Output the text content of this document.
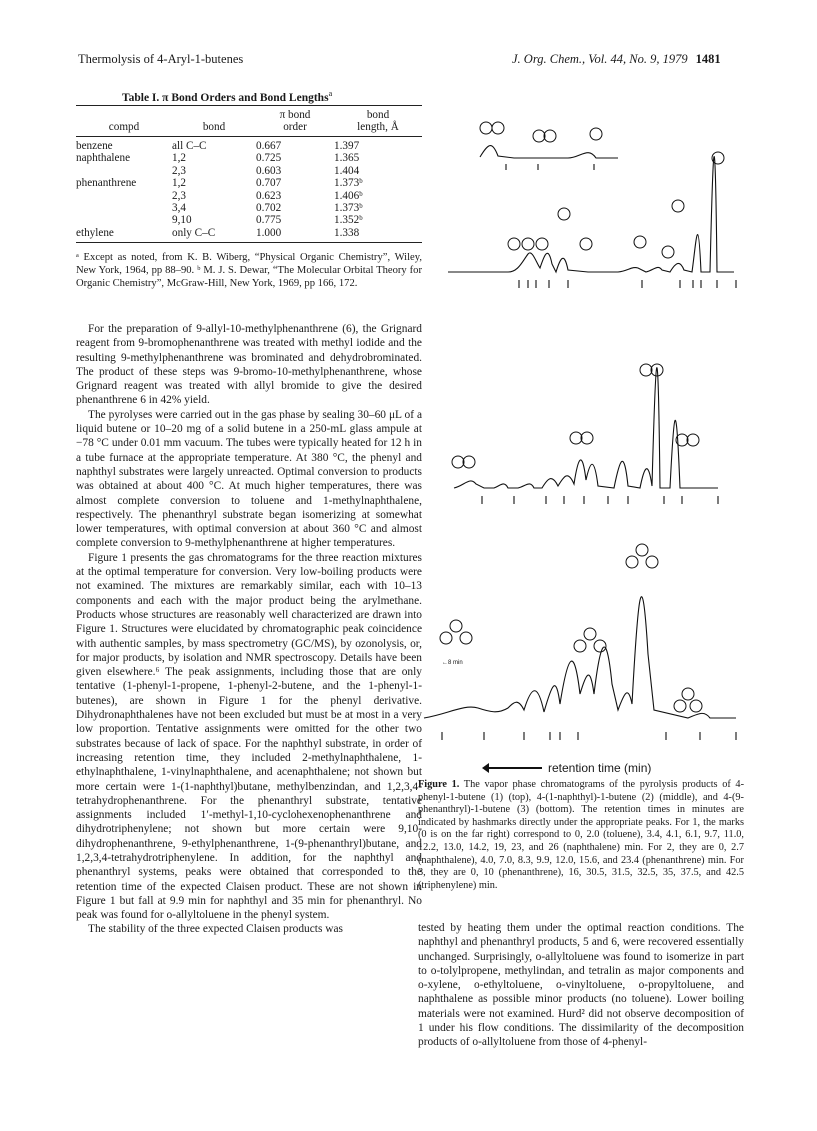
Thermolysis of 4-Aryl-1-butenes	J. Org. Chem., Vol. 44, No. 9, 1979 1481
Table I. π Bond Orders and Bond Lengths$^a$
		π bond	bond
compd	bond	order	length, Å
benzene	all C–C	0.667	1.397
naphthalene	1,2	0.725	1.365
	2,3	0.603	1.404
phenanthrene	1,2	0.707	1.373ᵇ
	2,3	0.623	1.406ᵇ
	3,4	0.702	1.373ᵇ
	9,10	0.775	1.352ᵇ
ethylene	only C–C	1.000	1.338
ᵃ Except as noted, from K. B. Wiberg, “Physical Organic Chemistry”, Wiley, New York, 1964, pp 88–90. ᵇ M. J. S. Dewar, “The Molecular Orbital Theory for Organic Chemistry”, McGraw-Hill, New York, 1969, pp 166, 172.

For the preparation of 9-allyl-10-methylphenanthrene (6), the Grignard reagent from 9-bromophenanthrene was treated with methyl iodide and the resulting 9-methylphenanthrene was brominated and dehydrobrominated. The product of these steps was 9-bromo-10-methylphenanthrene, whose Grignard reagent was treated with allyl bromide to give the desired phenanthrene 6 in 42% yield.

The pyrolyses were carried out in the gas phase by sealing 30–60 μL of a liquid butene or 10–20 mg of a solid butene in a 250-mL glass ampule at −78 °C under 0.01 mm vacuum. The tubes were typically heated for 12 h in a tube furnace at the appropriate temperature. At 380 °C, the phenyl and naphthyl substrates were largely unreacted. Optimal conversion to products was obtained at about 400 °C. At much higher temperatures, there was almost complete conversion to toluene and 1-methylnaphthalene, respectively. The phenanthryl substrate began isomerizing at somewhat lower temperatures, with optimal conversion at about 360 °C and almost complete conversion to 9-methylphenanthrene at higher temperatures.

Figure 1 presents the gas chromatograms for the three reaction mixtures at the optimal temperature for conversion. Very low-boiling products were not examined. The mixtures are remarkably similar, each with 10–13 components and each with the major product being the arylmethane. Products whose structures are reasonably well characterized are drawn into Figure 1. Structures were elucidated by chromatographic peak coincidence with authentic samples, by mass spectrometry (GC/MS), by ozonolysis, or, for major products, by isolation and NMR spectroscopy. Details have been given elsewhere.⁶ The peak assignments, including those that are only tentative (1-phenyl-1-propene, 1-phenyl-2-butene, and the 1-phenyl-1-butenes), are shown in Figure 1 for the phenyl derivative. Dihydronaphthalenes have not been excluded but must be at most in a very low proportion. Tentative assignments were omitted for the other two substrates because of lack of space. For the naphthyl substrate, in order of increasing retention time, they included 2-methylnaphthalene, 1-ethylnaphthalene, 1-vinylnaphthalene, and acenaphthalene; not shown but more certain were 1-(1-naphthyl)butane, methylbenzindan, and 1,2,3,4-tetrahydrophenanthrene. For the phenanthryl substrate, tentative assignments included 1′-methyl-1,10-cyclohexenophenanthrene and dihydrotriphenylene; not shown but more certain were 9,10-dihydrophenanthrene, 9-ethylphenanthrene, 1-(9-phenanthryl)butane, and 1,2,3,4-tetrahydrotriphenylene. In addition, for the naphthyl and phenanthryl systems, peaks were obtained that corresponded to the retention time of the expected Claisen product. These are not shown in Figure 1 but fall at 9.9 min for naphthyl and 35 min for phenanthryl. No peak was found for o-allyltoluene in the phenyl system.

The stability of the three expected Claisen products was

←8 min
retention time (min)
Figure 1. The vapor phase chromatograms of the pyrolysis products of 4-phenyl-1-butene (1) (top), 4-(1-naphthyl)-1-butene (2) (middle), and 4-(9-phenanthryl)-1-butene (3) (bottom). The retention times in minutes are indicated by hashmarks directly under the appropriate peaks. For 1, the marks (0 is on the far right) correspond to 0, 2.0 (toluene), 3.4, 4.1, 6.1, 9.7, 11.0, 12.2, 13.0, 14.2, 19, 23, and 26 (naphthalene) min. For 2, they are 0, 2.7 (naphthalene), 4.0, 7.0, 8.3, 9.9, 12.0, 15.6, and 23.4 (phenanthrene) min. For 3, they are 0, 10 (phenanthrene), 16, 30.5, 31.5, 32.5, 35, 37.5, and 42.5 (triphenylene) min.

tested by heating them under the optimal reaction conditions. The naphthyl and phenanthryl products, 5 and 6, were recovered essentially unchanged. Surprisingly, o-allyltoluene was found to isomerize in part to o-tolylpropene, methylindan, and tetralin as major components and o-xylene, o-ethyltoluene, o-vinyltoluene, o-propyltoluene, and naphthalene as possible minor products (no toluene). Lower boiling materials were not examined. Hurd² did not observe decomposition of 1 under his flow conditions. The dissimilarity of the decomposition products of o-allyltoluene from those of 4-phenyl-
